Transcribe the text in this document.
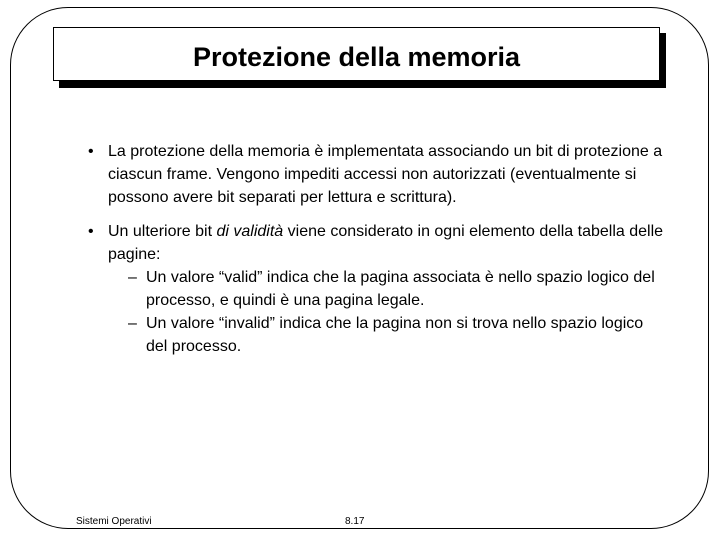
Protezione della memoria

• La protezione della memoria è implementata associando un bit di protezione a ciascun frame. Vengono impediti accessi non autorizzati (eventualmente si possono avere bit separati per lettura e scrittura).

• Un ulteriore bit di validità viene considerato in ogni elemento della tabella delle pagine:
– Un valore “valid” indica che la pagina associata è nello spazio logico del processo, e quindi è una pagina legale.
– Un valore “invalid” indica che la pagina non si trova nello spazio logico del processo.
Sistemi Operativi	8.17
